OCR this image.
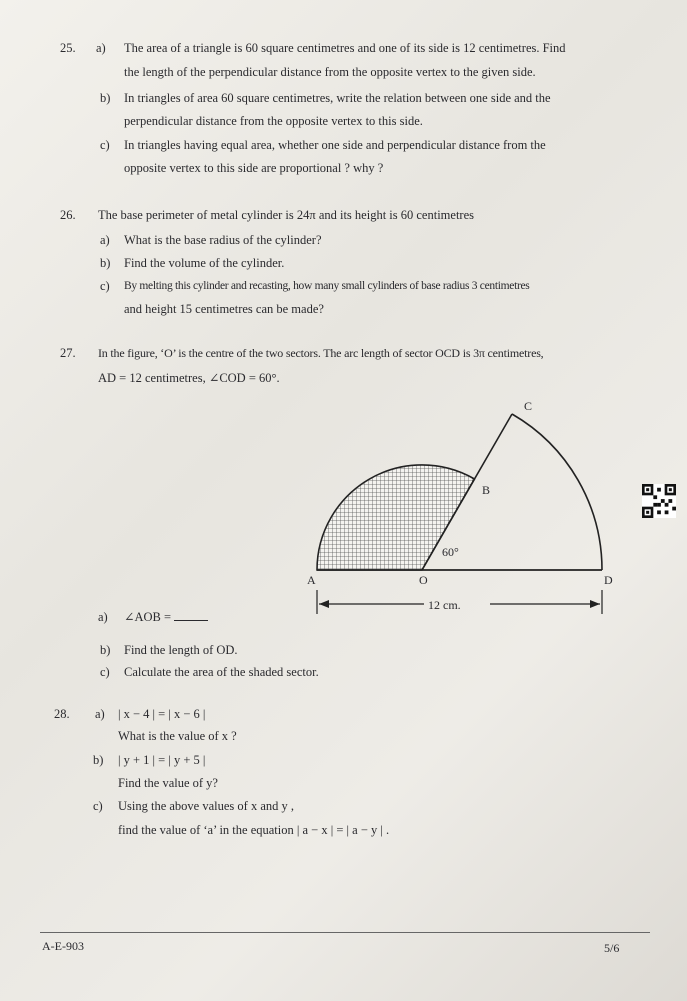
25. a) The area of a triangle is 60 square centimetres and one of its side is 12 centimetres. Find
the length of the perpendicular distance from the opposite vertex to the given side.
b) In triangles of area 60 square centimetres, write the relation between one side and the
perpendicular distance from the opposite vertex to this side.
c) In triangles having equal area, whether one side and perpendicular distance from the
opposite vertex to this side are proportional ? why ?
26. The base perimeter of metal cylinder is 24π and its height is 60 centimetres
a) What is the base radius of the cylinder?
b) Find the volume of the cylinder.
c) By melting this cylinder and recasting, how many small cylinders of base radius 3 centimetres
and height 15 centimetres can be made?
27. In the figure, ‘O’ is the centre of the two sectors. The arc length of sector OCD is 3π centimetres,
AD = 12 centimetres, ∠COD = 60°.
12 cm.
A	O	D
B
C
60°
a) ∠AOB =
b) Find the length of OD.
c) Calculate the area of the shaded sector.
28. a) | x − 4 | = | x − 6 |
What is the value of x ?
b) | y + 1 | = | y + 5 |
Find the value of y?
c) Using the above values of x and y ,
find the value of ‘a’ in the equation | a − x | = | a − y | .
A-E-903	5/6
